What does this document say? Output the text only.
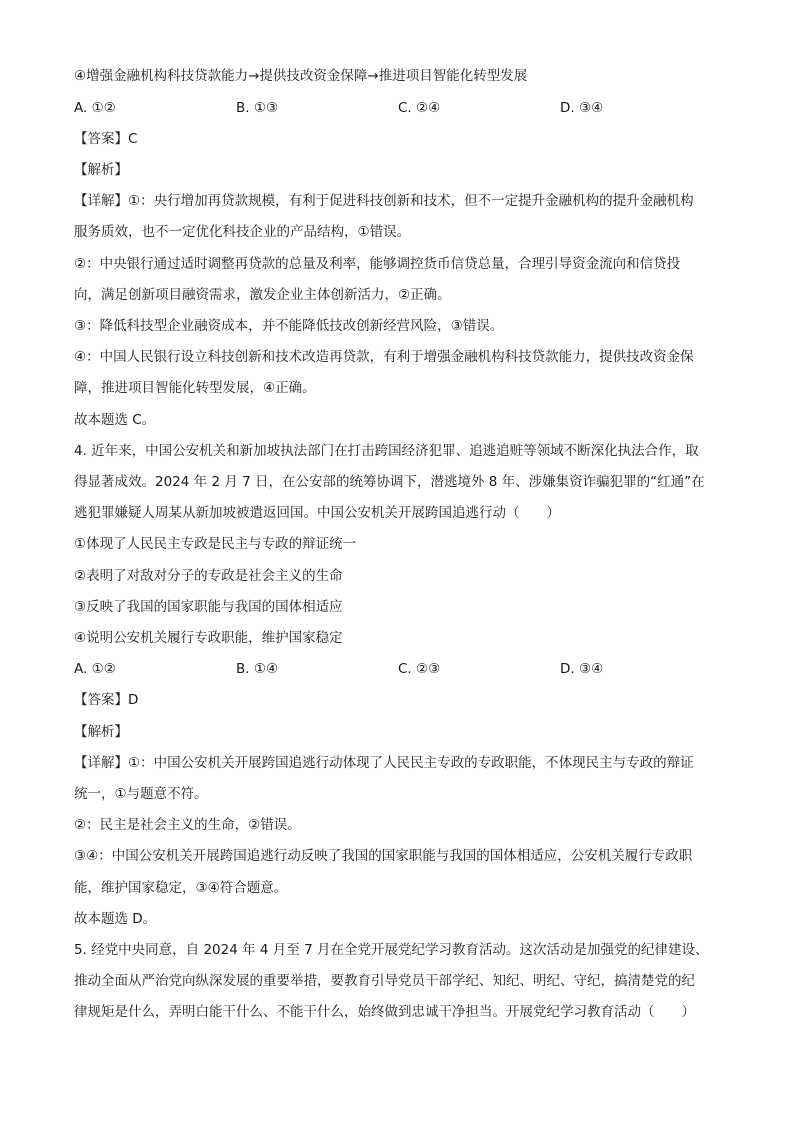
④增强金融机构科技贷款能力→提供技改资金保障→推进项目智能化转型发展
A. ①②	B. ①③	C. ②④	D. ③④
【答案】C
【解析】
【详解】①：央行增加再贷款规模，有利于促进科技创新和技术，但不一定提升金融机构的提升金融机构
服务质效，也不一定优化科技企业的产品结构，①错误。
②：中央银行通过适时调整再贷款的总量及利率，能够调控货币信贷总量，合理引导资金流向和信贷投
向，满足创新项目融资需求，激发企业主体创新活力，②正确。
③：降低科技型企业融资成本，并不能降低技改创新经营风险，③错误。
④：中国人民银行设立科技创新和技术改造再贷款，有利于增强金融机构科技贷款能力，提供技改资金保
障，推进项目智能化转型发展，④正确。
故本题选 C。
4. 近年来，中国公安机关和新加坡执法部门在打击跨国经济犯罪、追逃追赃等领域不断深化执法合作，取
得显著成效。2024 年 2 月 7 日，在公安部的统筹协调下，潜逃境外 8 年、涉嫌集资诈骗犯罪的“红通”在
逃犯罪嫌疑人周某从新加坡被遣返回国。中国公安机关开展跨国追逃行动（　　）
①体现了人民民主专政是民主与专政的辩证统一
②表明了对敌对分子的专政是社会主义的生命
③反映了我国的国家职能与我国的国体相适应
④说明公安机关履行专政职能，维护国家稳定
A. ①②	B. ①④	C. ②③	D. ③④
【答案】D
【解析】
【详解】①：中国公安机关开展跨国追逃行动体现了人民民主专政的专政职能，不体现民主与专政的辩证
统一，①与题意不符。
②：民主是社会主义的生命，②错误。
③④：中国公安机关开展跨国追逃行动反映了我国的国家职能与我国的国体相适应，公安机关履行专政职
能，维护国家稳定，③④符合题意。
故本题选 D。
5. 经党中央同意，自 2024 年 4 月至 7 月在全党开展党纪学习教育活动。这次活动是加强党的纪律建设、
推动全面从严治党向纵深发展的重要举措，要教育引导党员干部学纪、知纪、明纪、守纪，搞清楚党的纪
律规矩是什么，弄明白能干什么、不能干什么，始终做到忠诚干净担当。开展党纪学习教育活动（　　）
